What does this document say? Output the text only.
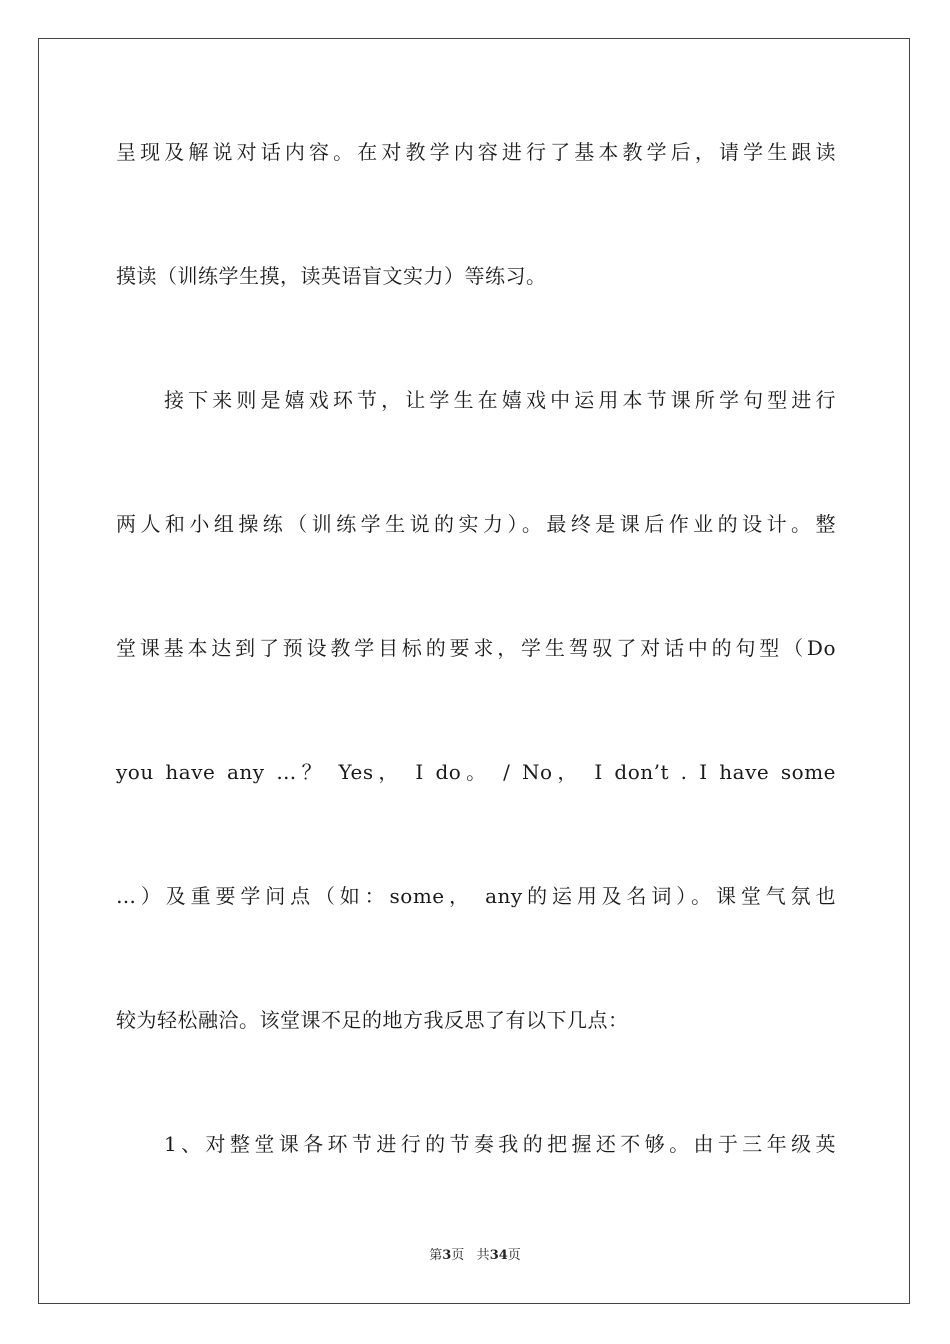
呈现及解说对话内容。在对教学内容进行了基本教学后，请学生跟读
摸读（训练学生摸，读英语盲文实力）等练习。
接下来则是嬉戏环节，让学生在嬉戏中运用本节课所学句型进行
两人和小组操练（训练学生说的实力）。最终是课后作业的设计。整
堂课基本达到了预设教学目标的要求，学生驾驭了对话中的句型（Do
you have any …？ Yes， I do。 / No， I don’t . I have some
…）及重要学问点（如：some， any的运用及名词）。课堂气氛也
较为轻松融洽。该堂课不足的地方我反思了有以下几点：
1、对整堂课各环节进行的节奏我的把握还不够。由于三年级英
第3页 共34页
